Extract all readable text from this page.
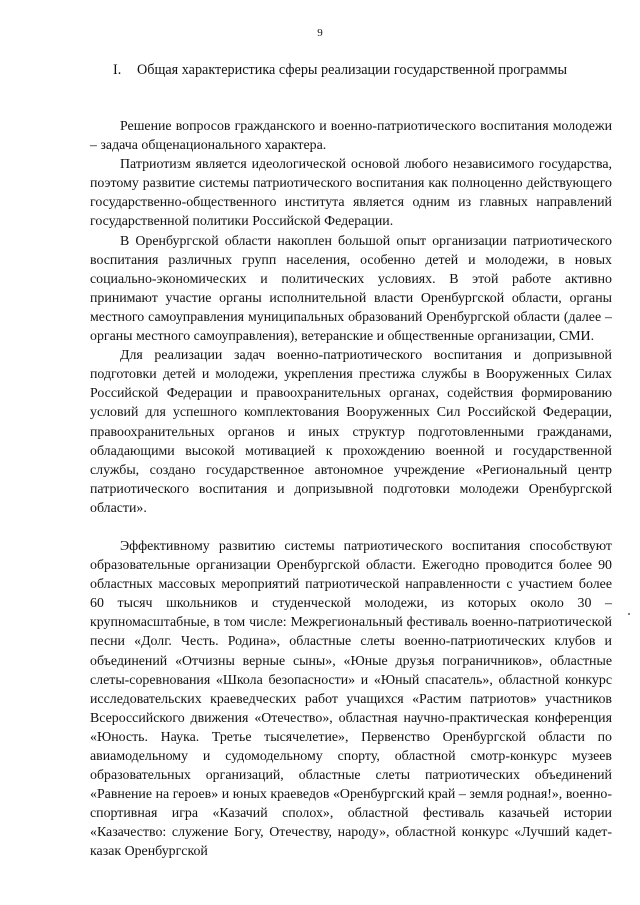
9
I. Общая характеристика сферы реализации государственной программы

Решение вопросов гражданского и военно-патриотического воспитания молодежи – задача общенационального характера.

Патриотизм является идеологической основой любого независимого государства, поэтому развитие системы патриотического воспитания как полноценно действующего государственно-общественного института является одним из главных направлений государственной политики Российской Федерации.

В Оренбургской области накоплен большой опыт организации патриотического воспитания различных групп населения, особенно детей и молодежи, в новых социально-экономических и политических условиях. В этой работе активно принимают участие органы исполнительной власти Оренбургской области, органы местного самоуправления муниципальных образований Оренбургской области (далее – органы местного самоуправления), ветеранские и общественные организации, СМИ.

Для реализации задач военно-патриотического воспитания и допризывной подготовки детей и молодежи, укрепления престижа службы в Вооруженных Силах Российской Федерации и правоохранительных органах, содействия формированию условий для успешного комплектования Вооруженных Сил Российской Федерации, правоохранительных органов и иных структур подготовленными гражданами, обладающими высокой мотивацией к прохождению военной и государственной службы, создано государственное автономное учреждение «Региональный центр патриотического воспитания и допризывной подготовки молодежи Оренбургской области».

Эффективному развитию системы патриотического воспитания способствуют образовательные организации Оренбургской области. Ежегодно проводится более 90 областных массовых мероприятий патриотической направленности с участием более 60 тысяч школьников и студенческой молодежи, из которых около 30 – крупномасштабные, в том числе: Межрегиональный фестиваль военно-патриотической песни «Долг. Честь. Родина», областные слеты военно-патриотических клубов и объединений «Отчизны верные сыны», «Юные друзья пограничников», областные слеты-соревнования «Школа безопасности» и «Юный спасатель», областной конкурс исследовательских краеведческих работ учащихся «Растим патриотов» участников Всероссийского движения «Отечество», областная научно-практическая конференция «Юность. Наука. Третье тысячелетие», Первенство Оренбургской области по авиамодельному и судомодельному спорту, областной смотр-конкурс музеев образовательных организаций, областные слеты патриотических объединений «Равнение на героев» и юных краеведов «Оренбургский край – земля родная!», военно-спортивная игра «Казачий сполох», областной фестиваль казачьей истории «Казачество: служение Богу, Отечеству, народу», областной конкурс «Лучший кадет-казак Оренбургской
